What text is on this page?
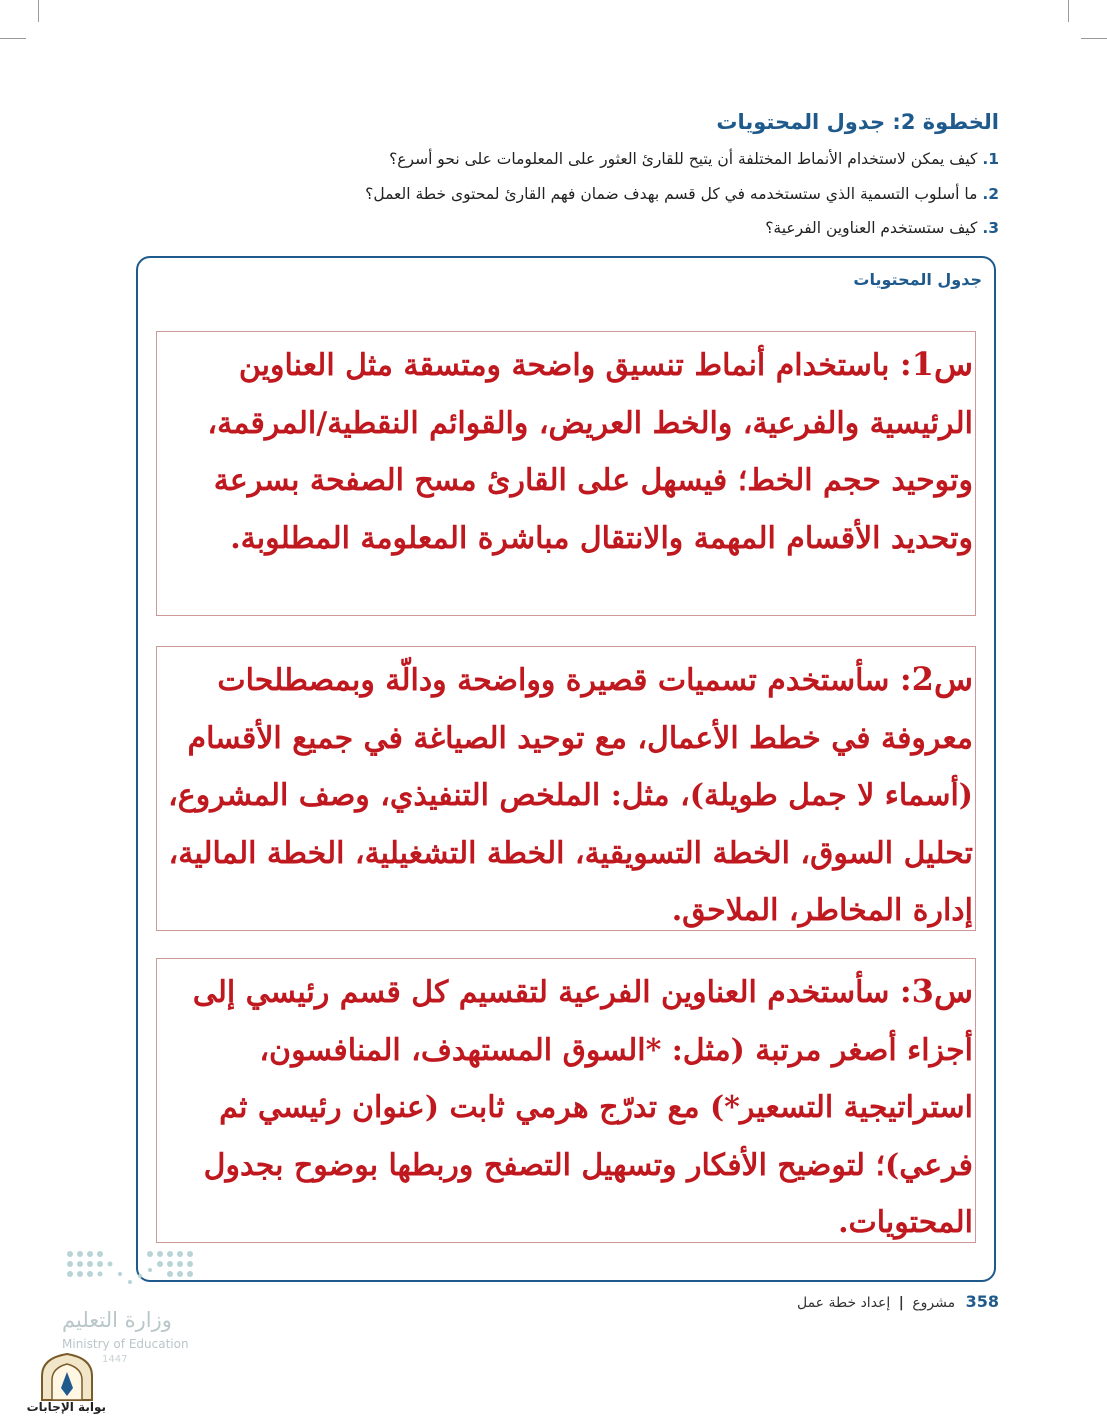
الخطوة 2: جدول المحتويات
1. كيف يمكن لاستخدام الأنماط المختلفة أن يتيح للقارئ العثور على المعلومات على نحو أسرع؟
2. ما أسلوب التسمية الذي ستستخدمه في كل قسم بهدف ضمان فهم القارئ لمحتوى خطة العمل؟
3. كيف ستستخدم العناوين الفرعية؟
جدول المحتويات
س1: باستخدام أنماط تنسيق واضحة ومتسقة مثل العناوين الرئيسية والفرعية، والخط العريض، والقوائم النقطية/المرقمة، وتوحيد حجم الخط؛ فيسهل على القارئ مسح الصفحة بسرعة وتحديد الأقسام المهمة والانتقال مباشرة المعلومة المطلوبة.
س2: سأستخدم تسميات قصيرة وواضحة ودالّة وبمصطلحات معروفة في خطط الأعمال، مع توحيد الصياغة في جميع الأقسام (أسماء لا جمل طويلة)، مثل: الملخص التنفيذي، وصف المشروع، تحليل السوق، الخطة التسويقية، الخطة التشغيلية، الخطة المالية، إدارة المخاطر، الملاحق.
س3: سأستخدم العناوين الفرعية لتقسيم كل قسم رئيسي إلى أجزاء أصغر مرتبة (مثل: *السوق المستهدف، المنافسون، استراتيجية التسعير*) مع تدرّج هرمي ثابت (عنوان رئيسي ثم فرعي)؛ لتوضيح الأفكار وتسهيل التصفح وربطها بوضوح بجدول المحتويات.
358 مشروع | إعداد خطة عمل
وزارة التعليم
Ministry of Education
1447
بوابة الإجابات
